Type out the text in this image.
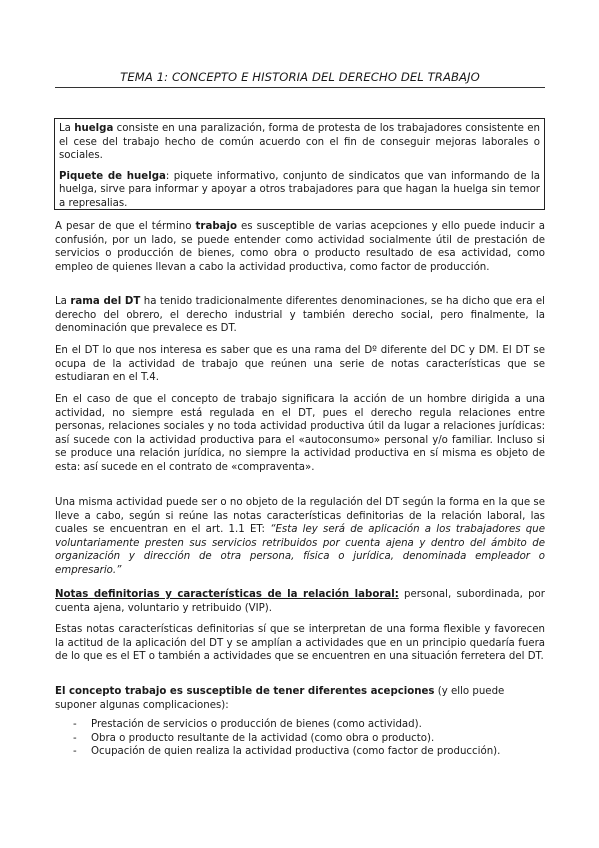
TEMA 1: CONCEPTO E HISTORIA DEL DERECHO DEL TRABAJO

La huelga consiste en una paralización, forma de protesta de los trabajadores consistente en el cese del trabajo hecho de común acuerdo con el fin de conseguir mejoras laborales o sociales.

Piquete de huelga: piquete informativo, conjunto de sindicatos que van informando de la huelga, sirve para informar y apoyar a otros trabajadores para que hagan la huelga sin temor a represalias.

A pesar de que el término trabajo es susceptible de varias acepciones y ello puede inducir a confusión, por un lado, se puede entender como actividad socialmente útil de prestación de servicios o producción de bienes, como obra o producto resultado de esa actividad, como empleo de quienes llevan a cabo la actividad productiva, como factor de producción.

La rama del DT ha tenido tradicionalmente diferentes denominaciones, se ha dicho que era el derecho del obrero, el derecho industrial y también derecho social, pero finalmente, la denominación que prevalece es DT.

En el DT lo que nos interesa es saber que es una rama del Dº diferente del DC y DM. El DT se ocupa de la actividad de trabajo que reúnen una serie de notas características que se estudiaran en el T.4.

En el caso de que el concepto de trabajo significara la acción de un hombre dirigida a una actividad, no siempre está regulada en el DT, pues el derecho regula relaciones entre personas, relaciones sociales y no toda actividad productiva útil da lugar a relaciones jurídicas: así sucede con la actividad productiva para el «autoconsumo» personal y/o familiar. Incluso si se produce una relación jurídica, no siempre la actividad productiva en sí misma es objeto de esta: así sucede en el contrato de «compraventa».

Una misma actividad puede ser o no objeto de la regulación del DT según la forma en la que se lleve a cabo, según si reúne las notas características definitorias de la relación laboral, las cuales se encuentran en el art. 1.1 ET: “Esta ley será de aplicación a los trabajadores que voluntariamente presten sus servicios retribuidos por cuenta ajena y dentro del ámbito de organización y dirección de otra persona, física o jurídica, denominada empleador o empresario.”

Notas definitorias y características de la relación laboral: personal, subordinada, por cuenta ajena, voluntario y retribuido (VIP).

Estas notas características definitorias sí que se interpretan de una forma flexible y favorecen la actitud de la aplicación del DT y se amplían a actividades que en un principio quedaría fuera de lo que es el ET o también a actividades que se encuentren en una situación ferretera del DT.

El concepto trabajo es susceptible de tener diferentes acepciones (y ello puede suponer algunas complicaciones):

- Prestación de servicios o producción de bienes (como actividad).
- Obra o producto resultante de la actividad (como obra o producto).
- Ocupación de quien realiza la actividad productiva (como factor de producción).
